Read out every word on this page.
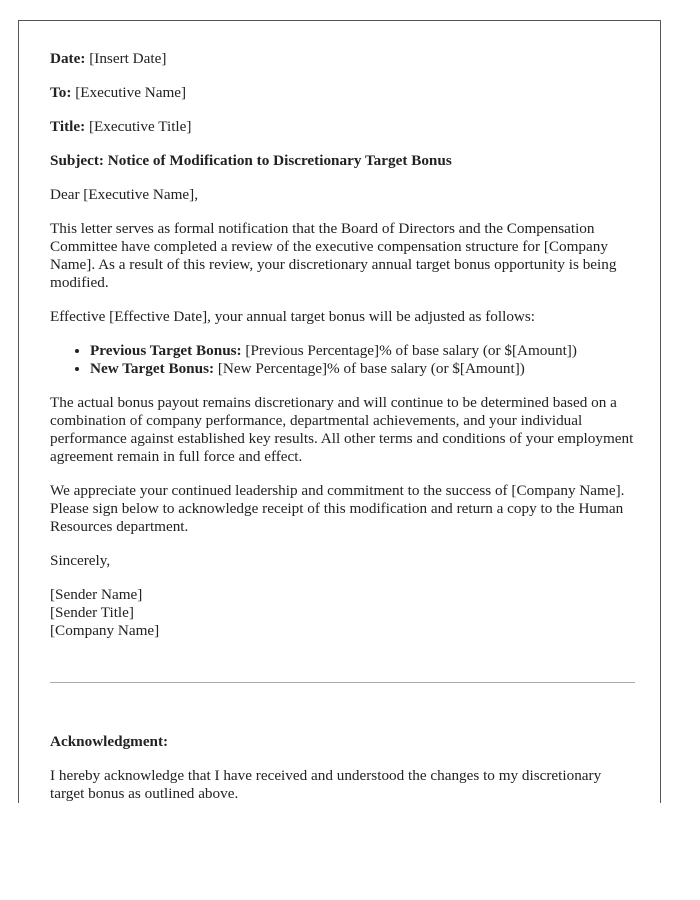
Date: [Insert Date]

To: [Executive Name]

Title: [Executive Title]

Subject: Notice of Modification to Discretionary Target Bonus

Dear [Executive Name],

This letter serves as formal notification that the Board of Directors and the Compensation Committee have completed a review of the executive compensation structure for [Company Name]. As a result of this review, your discretionary annual target bonus opportunity is being modified.

Effective [Effective Date], your annual target bonus will be adjusted as follows:

• Previous Target Bonus: [Previous Percentage]% of base salary (or $[Amount])
• New Target Bonus: [New Percentage]% of base salary (or $[Amount])

The actual bonus payout remains discretionary and will continue to be determined based on a combination of company performance, departmental achievements, and your individual performance against established key results. All other terms and conditions of your employment agreement remain in full force and effect.

We appreciate your continued leadership and commitment to the success of [Company Name]. Please sign below to acknowledge receipt of this modification and return a copy to the Human Resources department.

Sincerely,

[Sender Name]
[Sender Title]
[Company Name]

Acknowledgment:

I hereby acknowledge that I have received and understood the changes to my discretionary target bonus as outlined above.
